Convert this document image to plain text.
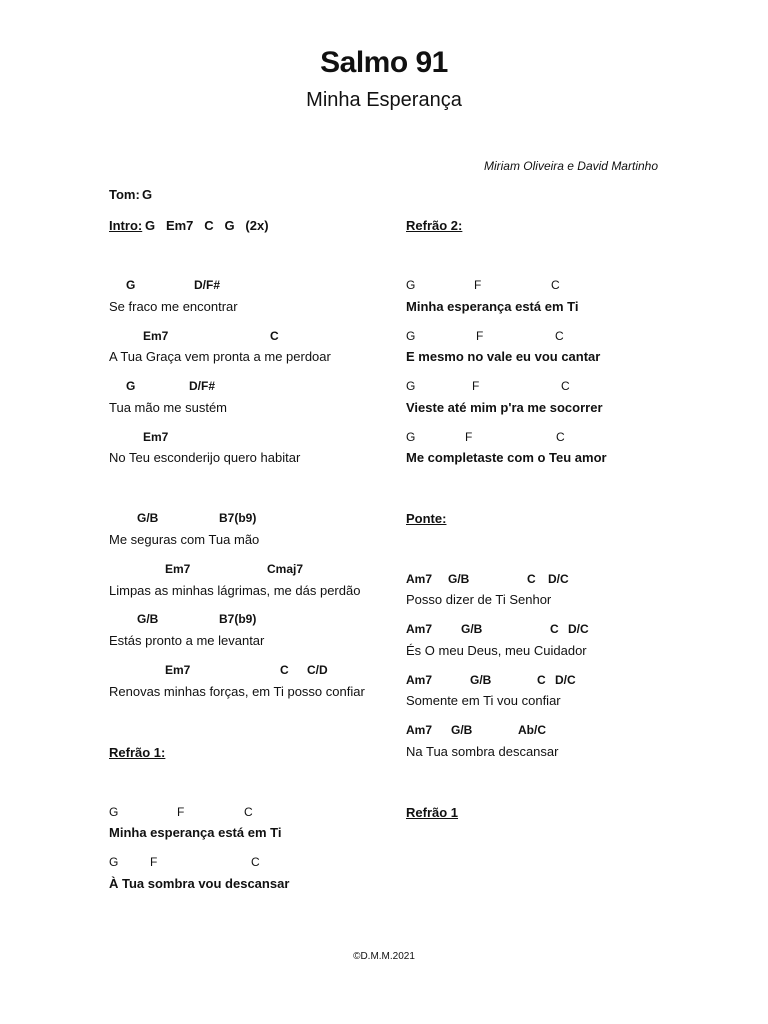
Salmo 91
Minha Esperança
Miriam Oliveira e David Martinho
Tom: G
Intro: G   Em7   C   G   (2x)
G	D/F#
Se fraco me encontrar
Em7	C
A Tua Graça vem pronta a me perdoar
G	D/F#
Tua mão me sustém
Em7
No Teu esconderijo quero habitar
G/B	B7(b9)
Me seguras com Tua mão
Em7	Cmaj7
Limpas as minhas lágrimas, me dás perdão
G/B	B7(b9)
Estás pronto a me levantar
Em7	C C/D
Renovas minhas forças, em Ti posso confiar
Refrão 1:
G	F	C
Minha esperança está em Ti
G	F	C
À Tua sombra vou descansar
Refrão 2:
G	F	C
Minha esperança está em Ti
G	F	C
E mesmo no vale eu vou cantar
G	F	C
Vieste até mim p'ra me socorrer
G	F	C
Me completaste com o Teu amor
Ponte:
Am7 G/B	C D/C
Posso dizer de Ti Senhor
Am7 G/B	C D/C
És O meu Deus, meu Cuidador
Am7	G/B	C D/C
Somente em Ti vou confiar
Am7 G/B	Ab/C
Na Tua sombra descansar
Refrão 1
©D.M.M.2021
